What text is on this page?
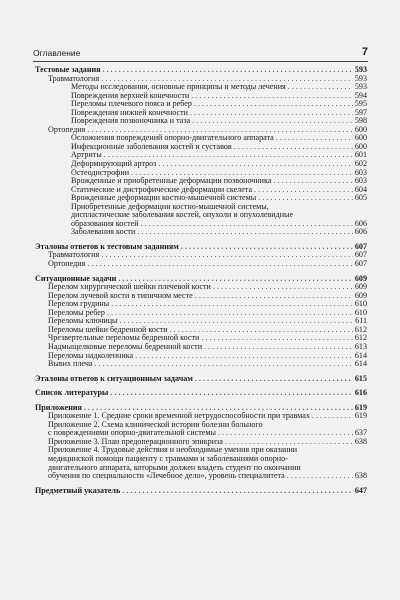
Оглавление	7
Тестовые задания . . .	593
Травматология . . .	593
Методы исследования, основные принципы и методы лечения . . .	593
Повреждения верхней конечности . . .	594
Переломы плечевого пояса и ребер . . .	595
Повреждения нижней конечности . . .	597
Повреждения позвоночника и таза . . .	598
Ортопедия . . .	600
Осложнения повреждений опорно-двигательного аппарата . . .	600
Инфекционные заболевания костей и суставов . . .	600
Артриты . . .	601
Деформирующий артроз . . .	602
Остеодистрофии . . .	603
Врожденные и приобретенные деформации позвоночника . . .	603
Статические и дистрофические деформации скелета . . .	604
Врожденные деформации костно-мышечной системы . . .	605
Приобретенные деформации костно-мышечной системы,
диспластические заболевания костей, опухоли и опухолевидные
образования костей . . .	606
Заболевания кости . . .	606
Эталоны ответов к тестовым заданиям . . .	607
Травматология . . .	607
Ортопедия . . .	607
Ситуационные задачи . . .	609
Перелом хирургической шейки плечевой кости . . .	609
Перелом лучевой кости в типичном месте . . .	609
Перелом грудины . . .	610
Переломы ребер . . .	610
Переломы ключицы . . .	611
Переломы шейки бедренной кости . . .	612
Чрезвертельные переломы бедренной кости . . .	612
Надмыщелковые переломы бедренной кости . . .	613
Переломы надколенника . . .	614
Вывих плеча . . .	614
Эталоны ответов к ситуационным задачам . . .	615
Список литературы . . .	616
Приложения . . .	619
Приложение 1. Средние сроки временной нетрудоспособности при травмах . . .	619
Приложение 2. Схема клинической истории болезни больного
с повреждениями опорно-двигательной системы . . .	637
Приложение 3. План предоперационного эпикриза . . .	638
Приложение 4. Трудовые действия и необходимые умения при оказании
медицинской помощи пациенту с травмами и заболеваниями опорно-
двигательного аппарата, которыми должен владеть студент по окончании
обучения по специальности «Лечебное дело», уровень специалитета . . .	638
Предметный указатель . . .	647
